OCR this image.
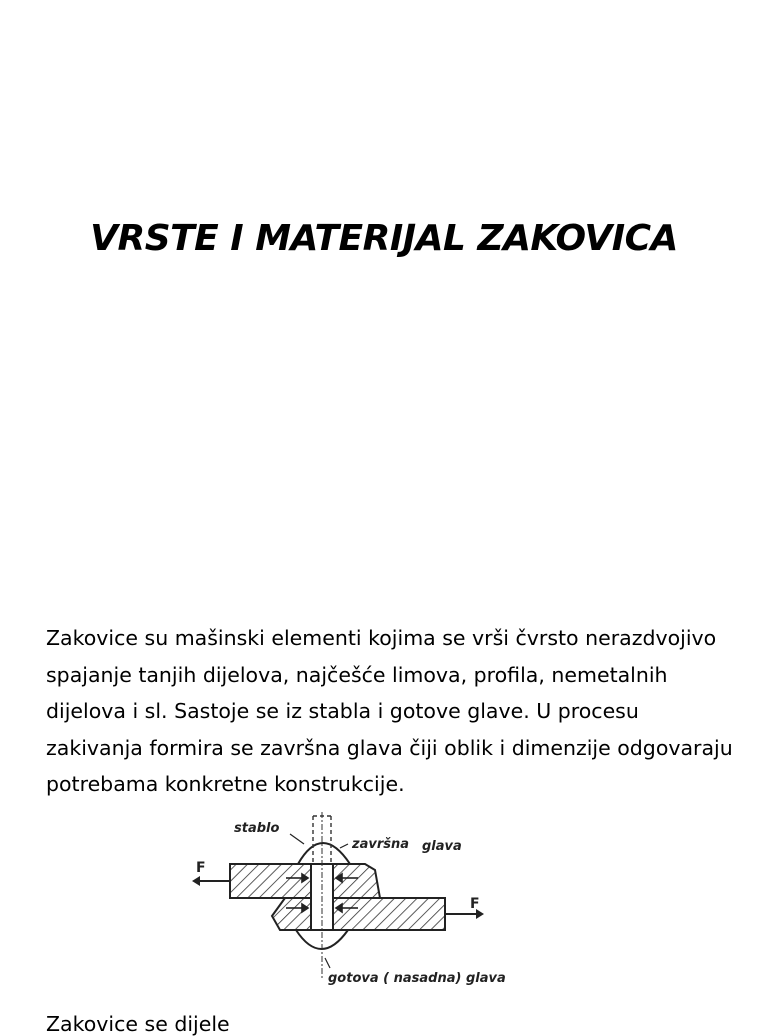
VRSTE I MATERIJAL ZAKOVICA

Zakovice su mašinski elementi kojima se vrši čvrsto nerazdvojivo spajanje tanjih dijelova, najčešće limova, profila, nemetalnih dijelova i sl. Sastoje se iz stabla i gotove glave. U procesu zakivanja formira se završna glava čiji oblik i dimenzije odgovaraju potrebama konkretne konstrukcije.

stablo
završna glava
F
F
gotova ( nasadna) glava

Zakovice se dijele
